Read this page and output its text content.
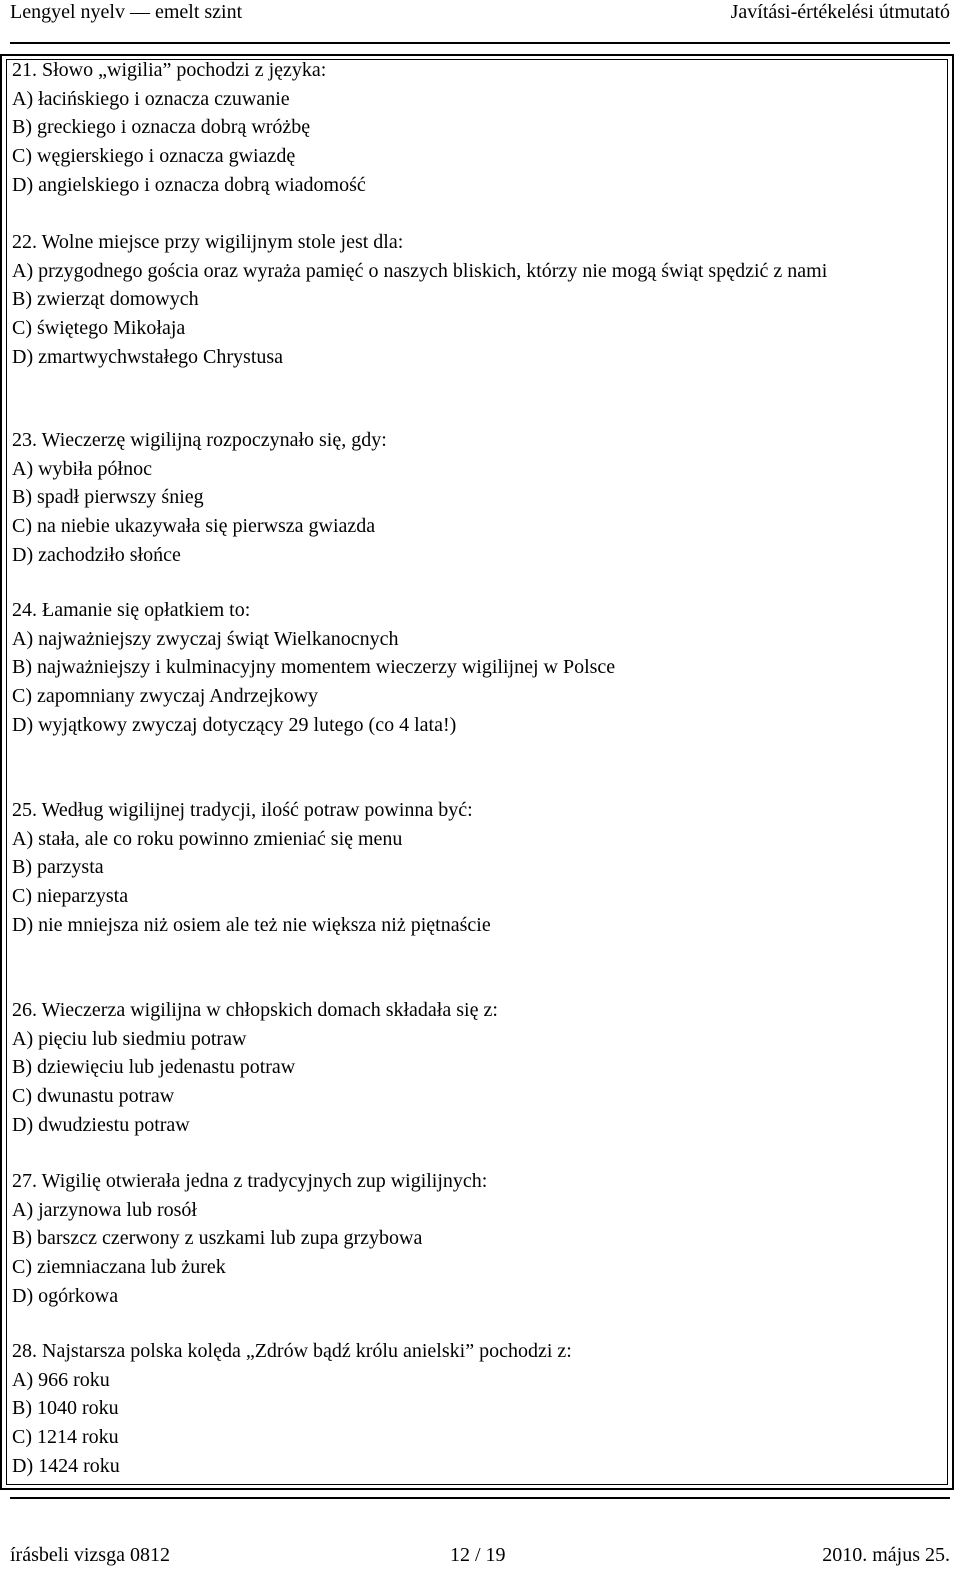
Lengyel nyelv — emelt szint	Javítási-értékelési útmutató
21. Słowo „wigilia” pochodzi z języka:
A) łacińskiego i oznacza czuwanie
B) greckiego i oznacza dobrą wróżbę
C) węgierskiego i oznacza gwiazdę
D) angielskiego i oznacza dobrą wiadomość
22. Wolne miejsce przy wigilijnym stole jest dla:
A) przygodnego gościa oraz wyraża pamięć o naszych bliskich, którzy nie mogą świąt spędzić z nami
B) zwierząt domowych
C) świętego Mikołaja
D) zmartwychwstałego Chrystusa
23. Wieczerzę wigilijną rozpoczynało się, gdy:
A) wybiła północ
B) spadł pierwszy śnieg
C) na niebie ukazywała się pierwsza gwiazda
D) zachodziło słońce
24. Łamanie się opłatkiem to:
A) najważniejszy zwyczaj świąt Wielkanocnych
B) najważniejszy i kulminacyjny momentem wieczerzy wigilijnej w Polsce
C) zapomniany zwyczaj Andrzejkowy
D) wyjątkowy zwyczaj dotyczący 29 lutego (co 4 lata!)
25. Według wigilijnej tradycji, ilość potraw powinna być:
A) stała, ale co roku powinno zmieniać się menu
B) parzysta
C) nieparzysta
D) nie mniejsza niż osiem ale też nie większa niż piętnaście
26. Wieczerza wigilijna w chłopskich domach składała się z:
A) pięciu lub siedmiu potraw
B) dziewięciu lub jedenastu potraw
C) dwunastu potraw
D) dwudziestu potraw
27. Wigilię otwierała jedna z tradycyjnych zup wigilijnych:
A) jarzynowa lub rosół
B) barszcz czerwony z uszkami lub zupa grzybowa
C) ziemniaczana lub żurek
D) ogórkowa
28. Najstarsza polska kolęda „Zdrów bądź królu anielski” pochodzi z:
A) 966 roku
B) 1040 roku
C) 1214 roku
D) 1424 roku
írásbeli vizsga 0812	12 / 19	2010. május 25.
